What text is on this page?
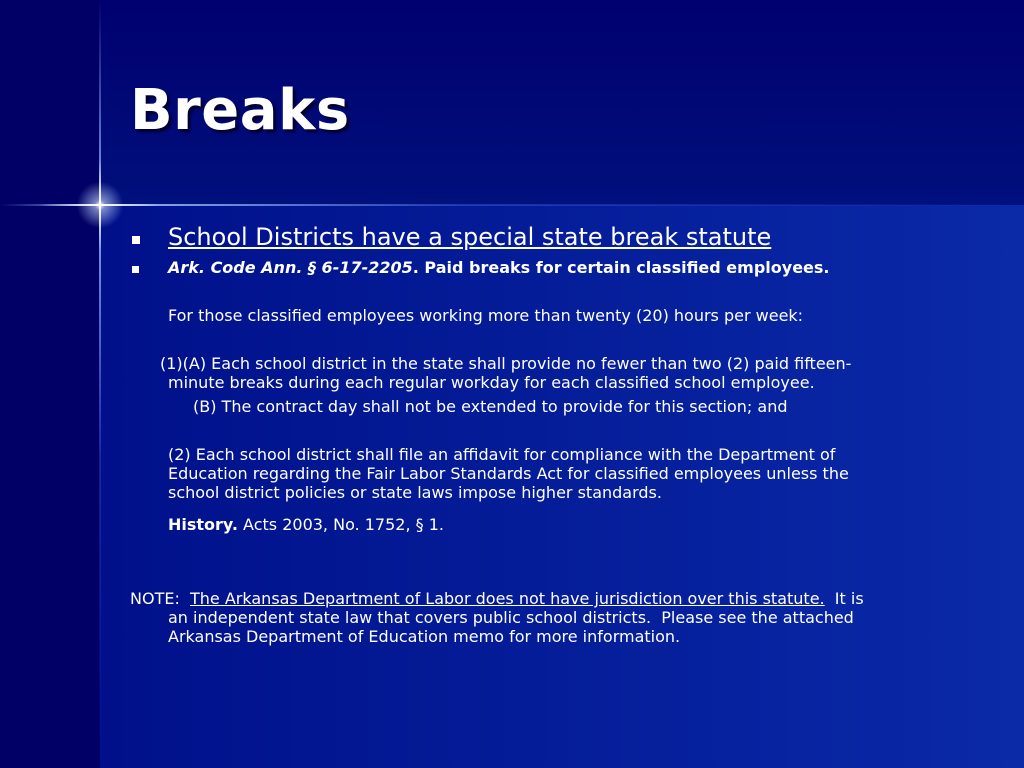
Breaks

School Districts have a special state break statute

Ark. Code Ann. § 6-17-2205. Paid breaks for certain classified employees.

For those classified employees working more than twenty (20) hours per week:

(1)(A) Each school district in the state shall provide no fewer than two (2) paid fifteen-

minute breaks during each regular workday for each classified school employee.

(B) The contract day shall not be extended to provide for this section; and

(2) Each school district shall file an affidavit for compliance with the Department of

Education regarding the Fair Labor Standards Act for classified employees unless the

school district policies or state laws impose higher standards.

History. Acts 2003, No. 1752, § 1.

NOTE:  The Arkansas Department of Labor does not have jurisdiction over this statute.  It is

an independent state law that covers public school districts.  Please see the attached

Arkansas Department of Education memo for more information.
